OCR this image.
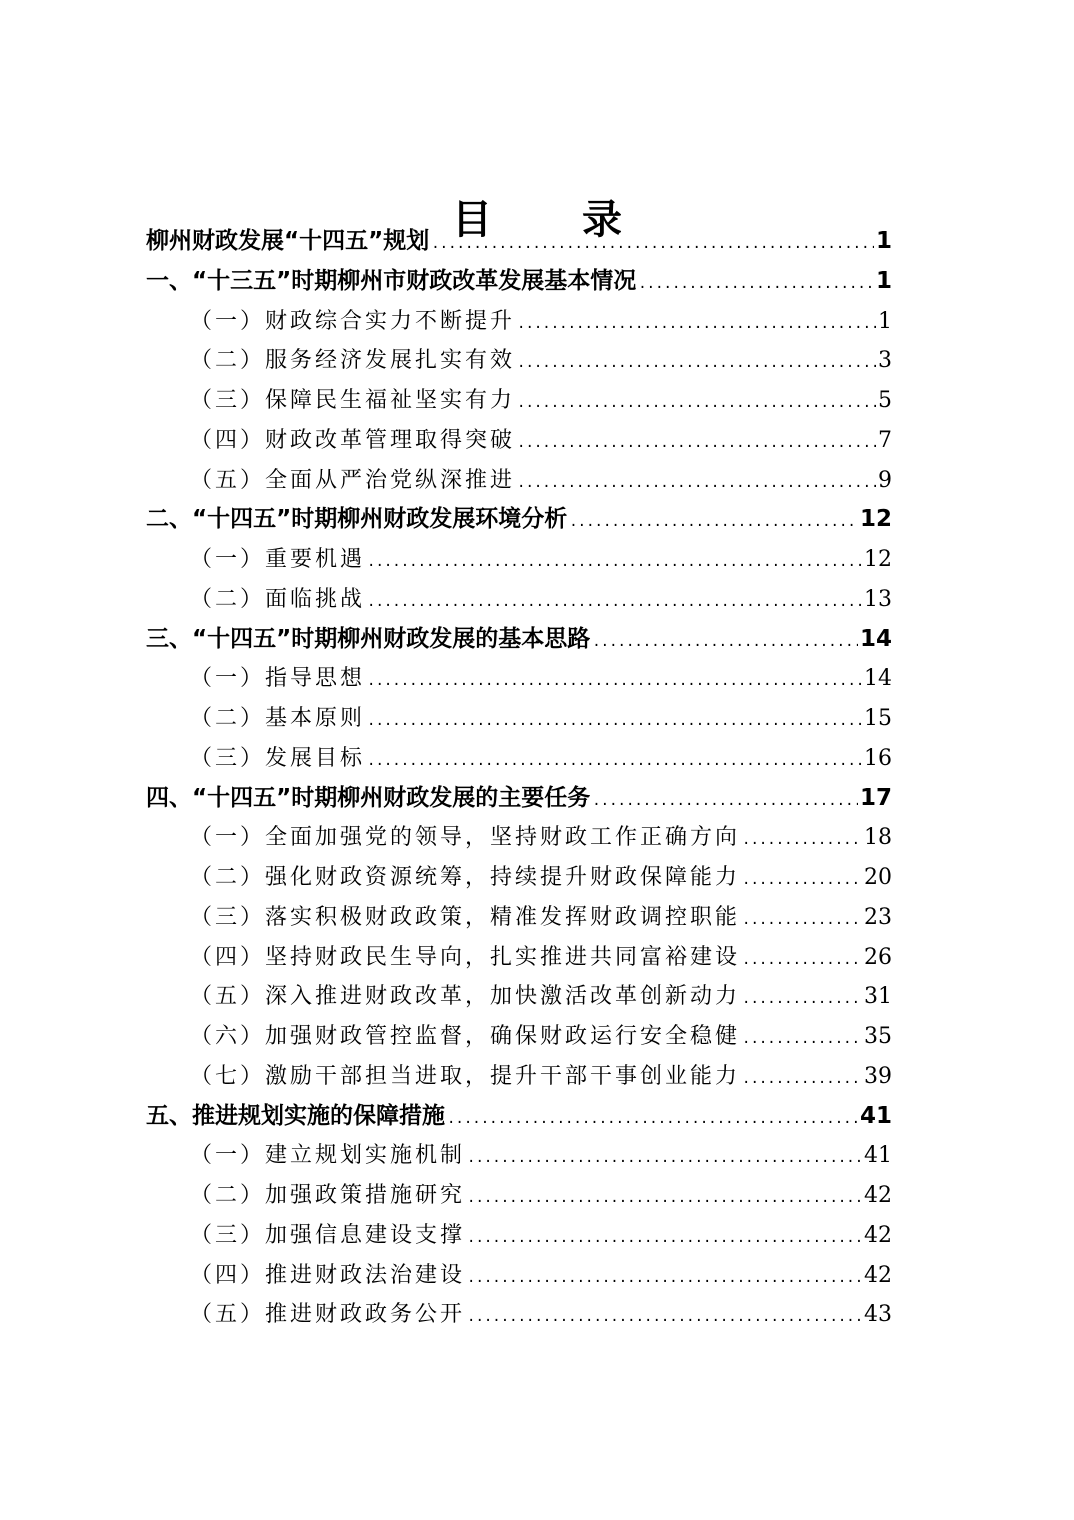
目 录
柳州财政发展“十四五”规划 .....	1
一、“十三五”时期柳州市财政改革发展基本情况 .....	1
（一）财政综合实力不断提升 .....	1
（二）服务经济发展扎实有效 .....	3
（三）保障民生福祉坚实有力 .....	5
（四）财政改革管理取得突破 .....	7
（五）全面从严治党纵深推进 .....	9
二、“十四五”时期柳州财政发展环境分析 .....	12
（一）重要机遇 .....	12
（二）面临挑战 .....	13
三、“十四五”时期柳州财政发展的基本思路 .....	14
（一）指导思想 .....	14
（二）基本原则 .....	15
（三）发展目标 .....	16
四、“十四五”时期柳州财政发展的主要任务 .....	17
（一）全面加强党的领导，坚持财政工作正确方向 .....	18
（二）强化财政资源统筹，持续提升财政保障能力 .....	20
（三）落实积极财政政策，精准发挥财政调控职能 .....	23
（四）坚持财政民生导向，扎实推进共同富裕建设 .....	26
（五）深入推进财政改革，加快激活改革创新动力 .....	31
（六）加强财政管控监督，确保财政运行安全稳健 .....	35
（七）激励干部担当进取，提升干部干事创业能力 .....	39
五、推进规划实施的保障措施 .....	41
（一）建立规划实施机制 .....	41
（二）加强政策措施研究 .....	42
（三）加强信息建设支撑 .....	42
（四）推进财政法治建设 .....	42
（五）推进财政政务公开 .....	43
